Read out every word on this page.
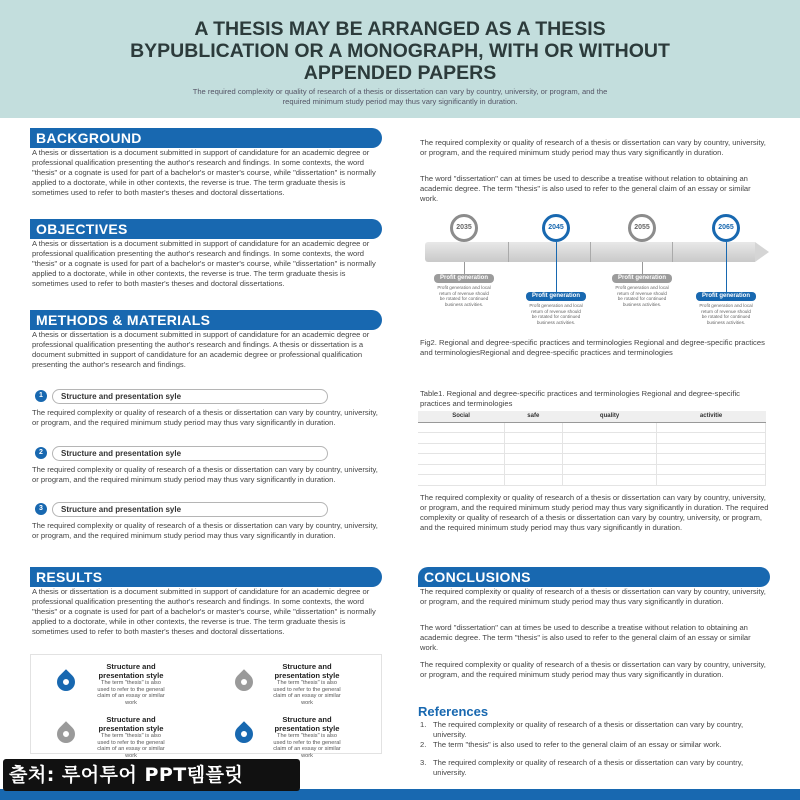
A THESIS MAY BE ARRANGED AS A THESIS BYPUBLICATION OR A MONOGRAPH, WITH OR WITHOUT APPENDED PAPERS
The required complexity or quality of research of a thesis or dissertation can vary by country, university, or program, and the required minimum study period may thus vary significantly in duration.
BACKGROUND
A thesis or dissertation is a document submitted in support of candidature for an academic degree or professional qualification presenting the author's research and findings. In some contexts, the word "thesis" or a cognate is used for part of a bachelor's or master's course, while "dissertation" is normally applied to a doctorate, while in other contexts, the reverse is true. The term graduate thesis is sometimes used to refer to both master's theses and doctoral dissertations.
OBJECTIVES
A thesis or dissertation is a document submitted in support of candidature for an academic degree or professional qualification presenting the author's research and findings. In some contexts, the word "thesis" or a cognate is used for part of a bachelor's or master's course, while "dissertation" is normally applied to a doctorate, while in other contexts, the reverse is true. The term graduate thesis is sometimes used to refer to both master's theses and doctoral dissertations.
METHODS & MATERIALS
A thesis or dissertation is a document submitted in support of candidature for an academic degree or professional qualification presenting the author's research and findings. A thesis or dissertation is a document submitted in support of candidature for an academic degree or professional qualification presenting the author's research and findings.
1	Structure and presentation syle
The required complexity or quality of research of a thesis or dissertation can vary by country, university, or program, and the required minimum study period may thus vary significantly in duration.
2	Structure and presentation syle
The required complexity or quality of research of a thesis or dissertation can vary by country, university, or program, and the required minimum study period may thus vary significantly in duration.
3	Structure and presentation syle
The required complexity or quality of research of a thesis or dissertation can vary by country, university, or program, and the required minimum study period may thus vary significantly in duration.
RESULTS
A thesis or dissertation is a document submitted in support of candidature for an academic degree or professional qualification presenting the author's research and findings. In some contexts, the word "thesis" or a cognate is used for part of a bachelor's or master's course, while "dissertation" is normally applied to a doctorate, while in other contexts, the reverse is true. The term graduate thesis is sometimes used to refer to both master's theses and doctoral dissertations.
Structure and presentation style
The term "thesis" is also used to refer to the general claim of an essay or similar work
Structure and presentation style
The term "thesis" is also used to refer to the general claim of an essay or similar work
Structure and presentation style
The term "thesis" is also used to refer to the general claim of an essay or similar work
Structure and presentation style
The term "thesis" is also used to refer to the general claim of an essay or similar work
The required complexity or quality of research of a thesis or dissertation can vary by country, university, or program, and the required minimum study period may thus vary significantly in duration.
The word "dissertation" can at times be used to describe a treatise without relation to obtaining an academic degree. The term "thesis" is also used to refer to the general claim of an essay or similar work.
2035
Profit generation
Profit generation and local return of revenue should be rotated for continued business activities.
2045
Profit generation
Profit generation and local return of revenue should be rotated for continued business activities.
2055
Profit generation
Profit generation and local return of revenue should be rotated for continued business activities.
2065
Profit generation
Profit generation and local return of revenue should be rotated for continued business activities.
Fig2. Regional and degree-specific practices and terminologies Regional and degree-specific practices and terminologiesRegional and degree-specific practices and terminologies
Table1. Regional and degree-specific practices and terminologies Regional and degree-specific practices and terminologies
Social	safe	quality	activitie

The required complexity or quality of research of a thesis or dissertation can vary by country, university, or program, and the required minimum study period may thus vary significantly in duration. The required complexity or quality of research of a thesis or dissertation can vary by country, university, or program, and the required minimum study period may thus vary significantly in duration.
CONCLUSIONS
The required complexity or quality of research of a thesis or dissertation can vary by country, university, or program, and the required minimum study period may thus vary significantly in duration.
The word "dissertation" can at times be used to describe a treatise without relation to obtaining an academic degree. The term "thesis" is also used to refer to the general claim of an essay or similar work.
The required complexity or quality of research of a thesis or dissertation can vary by country, university, or program, and the required minimum study period may thus vary significantly in duration.
References
1. The required complexity or quality of research of a thesis or dissertation can vary by country, university.
2. The term "thesis" is also used to refer to the general claim of an essay or similar work.
3. The required complexity or quality of research of a thesis or dissertation can vary by country, university.
출처: 루어투어 PPT템플릿
